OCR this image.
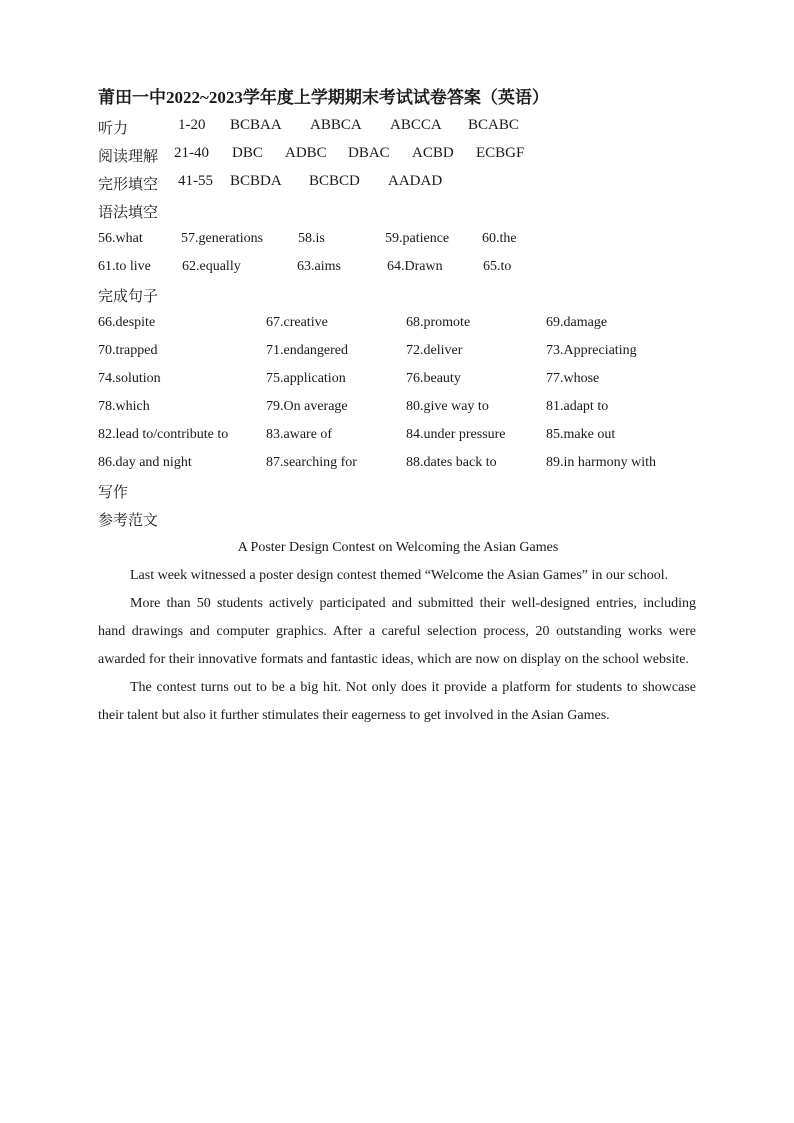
莆田一中2022~2023学年度上学期期末考试试卷答案（英语）
听力	1-20 BCBAA ABBCA ABCCA BCABC
阅读理解 21-40 DBC ADBC DBAC ACBD ECBGF
完形填空 41-55 BCBDA BCBCD AADAD
语法填空
56.what	57.generations 58.is	59.patience 60.the
61.to live 62.equally	63.aims	64.Drawn	65.to
完成句子
66.despite	67.creative	68.promote	69.damage
70.trapped	71.endangered	72.deliver	73.Appreciating
74.solution	75.application	76.beauty	77.whose
78.which	79.On average	80.give way to	81.adapt to
82.lead to/contribute to	83.aware of	84.under pressure	85.make out
86.day and night	87.searching for	88.dates back to	89.in harmony with
写作
参考范文
A Poster Design Contest on Welcoming the Asian Games

Last week witnessed a poster design contest themed “Welcome the Asian Games” in our school.

More than 50 students actively participated and submitted their well-designed entries, including hand drawings and computer graphics. After a careful selection process, 20 outstanding works were awarded for their innovative formats and fantastic ideas, which are now on display on the school website.

The contest turns out to be a big hit. Not only does it provide a platform for students to showcase their talent but also it further stimulates their eagerness to get involved in the Asian Games.
